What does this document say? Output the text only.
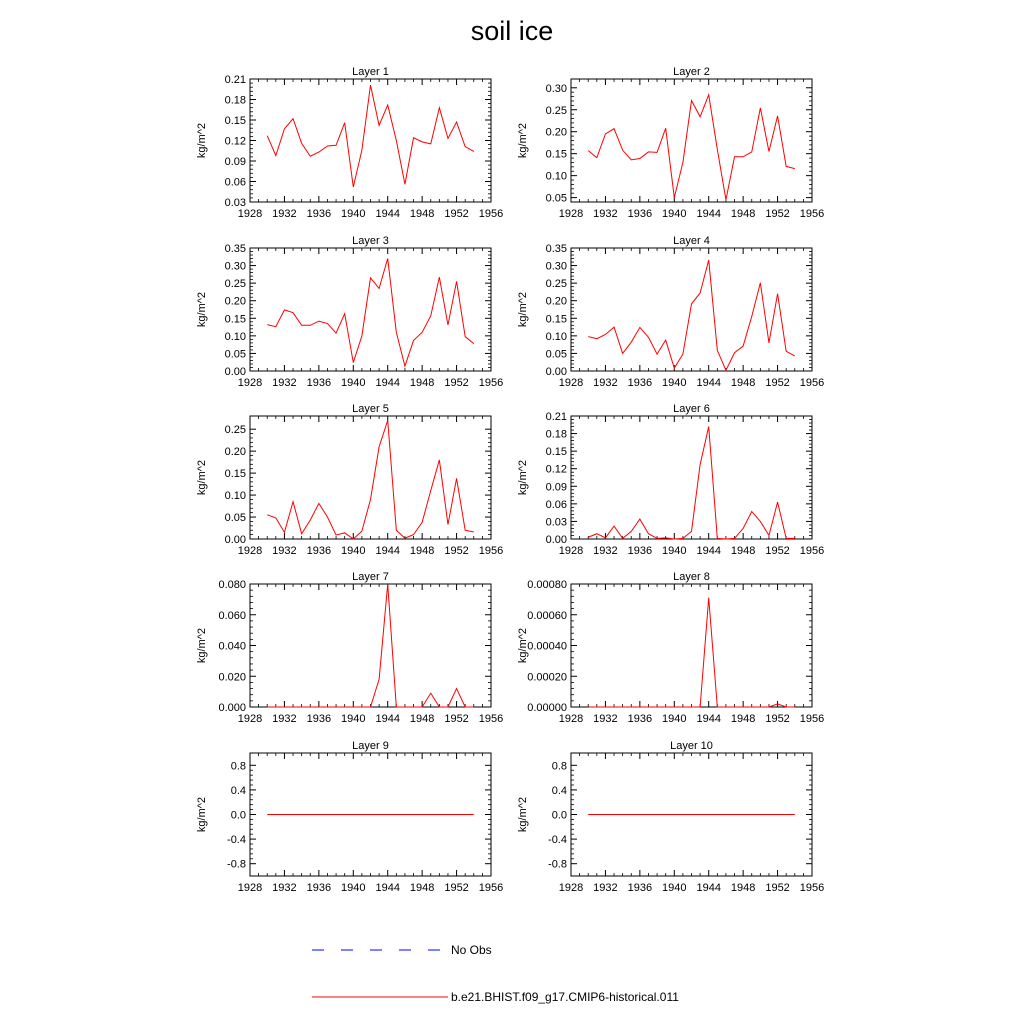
soil ice
Layer 1
1928 1932 1936 1940 1944 1948 1952 1956
0.03
0.06
0.09
0.12
0.15
0.18
0.21
kg/m^2
Layer 2
1928 1932 1936 1940 1944 1948 1952 1956
0.05
0.10
0.15
0.20
0.25
0.30
kg/m^2
Layer 3
1928 1932 1936 1940 1944 1948 1952 1956
0.00
0.05
0.10
0.15
0.20
0.25
0.30
0.35
kg/m^2
Layer 4
1928 1932 1936 1940 1944 1948 1952 1956
0.00
0.05
0.10
0.15
0.20
0.25
0.30
0.35
kg/m^2
Layer 5
1928 1932 1936 1940 1944 1948 1952 1956
0.00
0.05
0.10
0.15
0.20
0.25
kg/m^2
Layer 6
1928 1932 1936 1940 1944 1948 1952 1956
0.00
0.03
0.06
0.09
0.12
0.15
0.18
0.21
kg/m^2
Layer 7
1928 1932 1936 1940 1944 1948 1952 1956
0.000
0.020
0.040
0.060
0.080
kg/m^2
Layer 8
1928 1932 1936 1940 1944 1948 1952 1956
0.00000
0.00020
0.00040
0.00060
0.00080
kg/m^2
Layer 9
1928 1932 1936 1940 1944 1948 1952 1956
-0.8
-0.4
0.0
0.4
0.8
kg/m^2
Layer 10
1928 1932 1936 1940 1944 1948 1952 1956
-0.8
-0.4
0.0
0.4
0.8
kg/m^2
No Obs
b.e21.BHIST.f09_g17.CMIP6-historical.011
